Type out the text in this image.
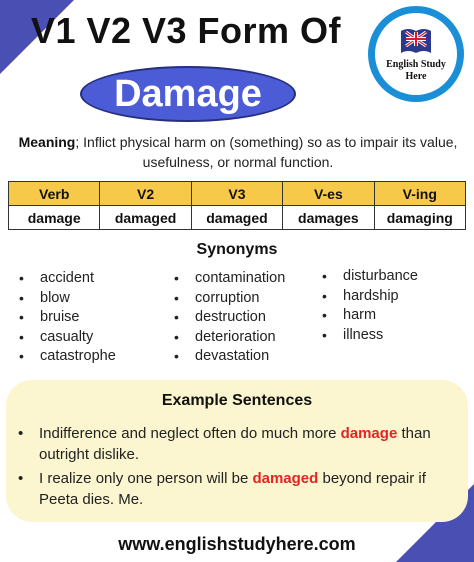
V1 V2 V3 Form Of
Damage
English Study Here
Meaning; Inflict physical harm on (something) so as to impair its value, usefulness, or normal function.
Verb	V2	V3	V-es	V-ing
damage	damaged	damaged	damages	damaging
Synonyms
• accident
• blow
• bruise
• casualty
• catastrophe
• contamination
• corruption
• destruction
• deterioration
• devastation
• disturbance
• hardship
• harm
• illness
Example Sentences
•	Indifference and neglect often do much more damage than outright dislike.
•	I realize only one person will be damaged beyond repair if Peeta dies. Me.
www.englishstudyhere.com
